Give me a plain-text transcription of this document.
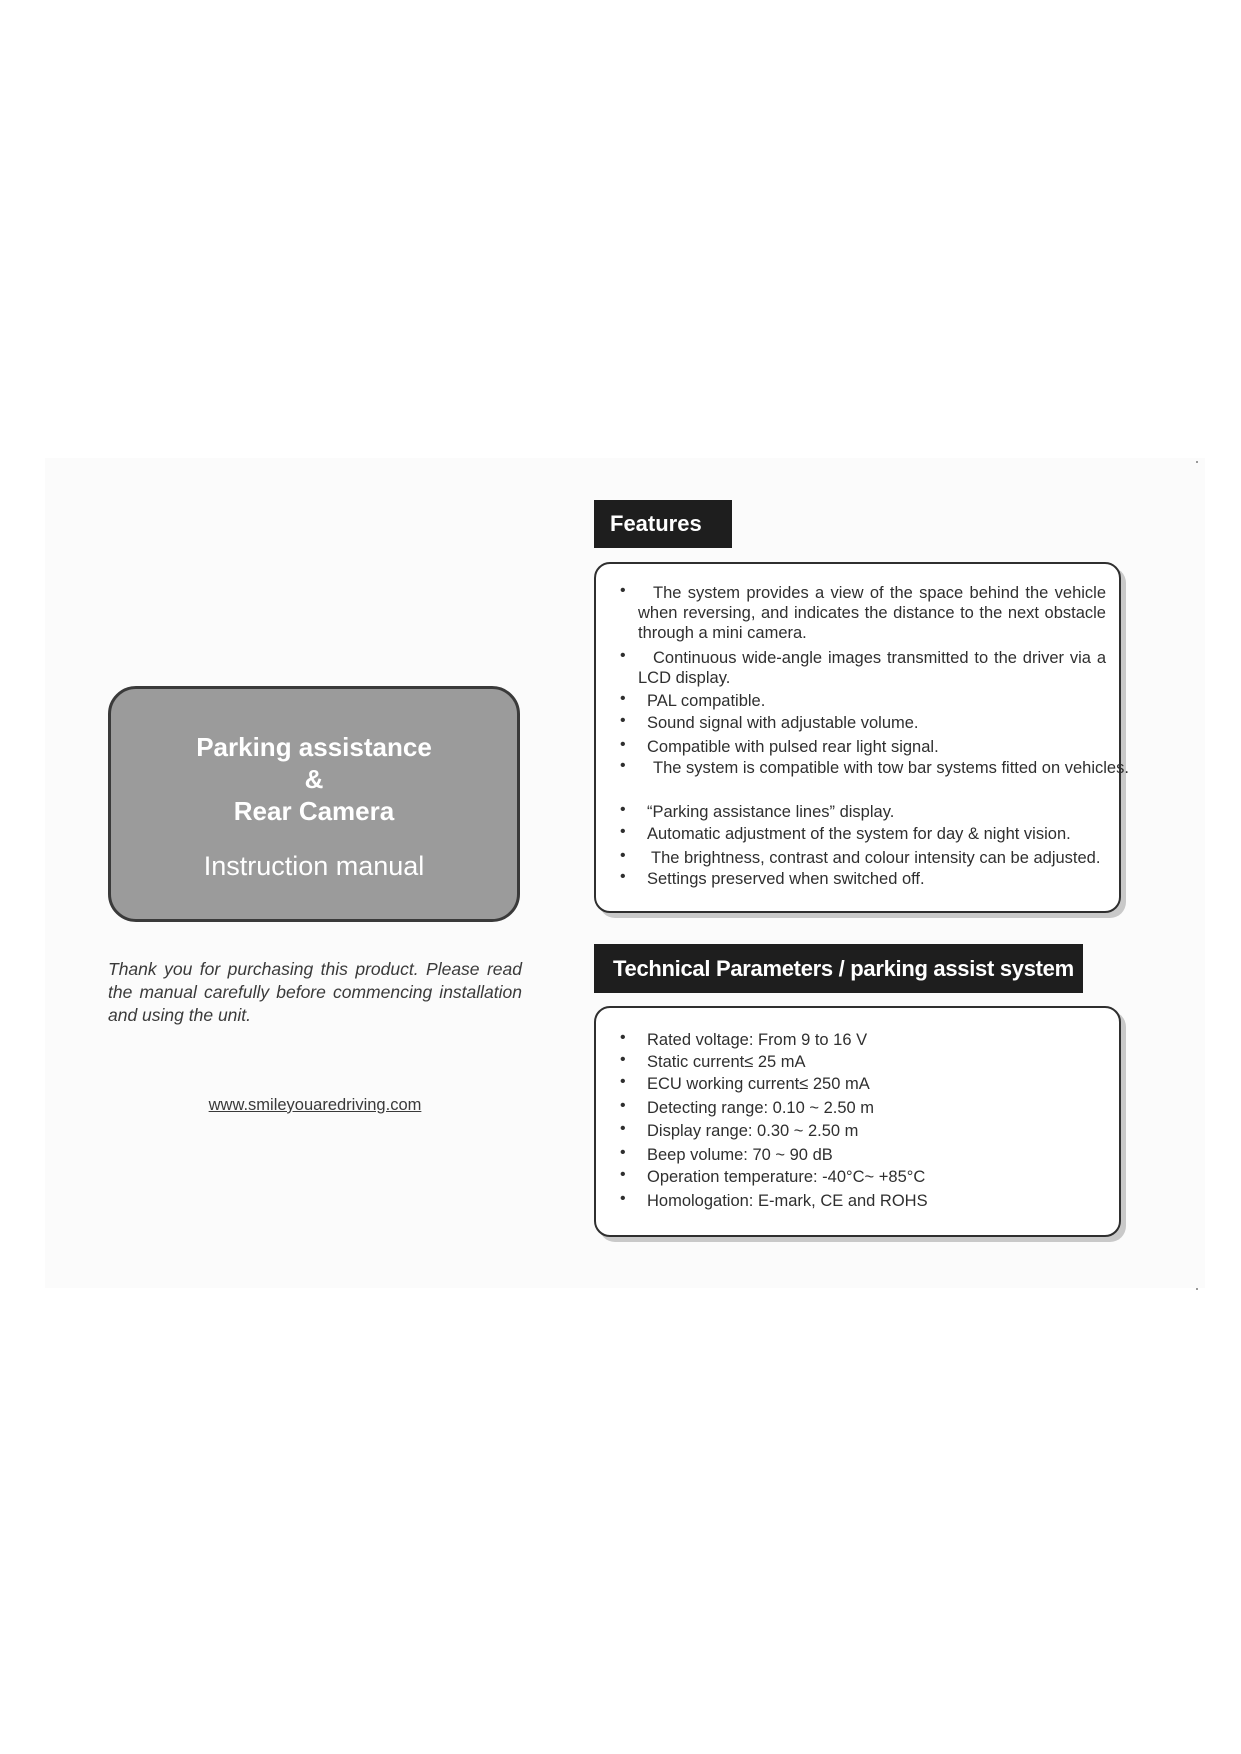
Parking assistance
&
Rear Camera
Instruction manual
Thank you for purchasing this product. Please read the manual carefully before commencing installation and using the unit.
www.smileyouaredriving.com
Features
•	The system provides a view of the space behind the vehicle when reversing, and indicates the distance to the next obstacle through a mini camera.
•	Continuous wide-angle images transmitted to the driver via a LCD display.
• PAL compatible.
• Sound signal with adjustable volume.
• Compatible with pulsed rear light signal.
•	The system is compatible with tow bar systems fitted on vehicles.
• “Parking assistance lines” display.
• Automatic adjustment of the system for day & night vision.
• The brightness, contrast and colour intensity can be adjusted.
• Settings preserved when switched off.
Technical Parameters / parking assist system
• Rated voltage: From 9 to 16 V
• Static current≤ 25 mA
• ECU working current≤ 250 mA
• Detecting range: 0.10 ~ 2.50 m
• Display range: 0.30 ~ 2.50 m
• Beep volume: 70 ~ 90 dB
• Operation temperature: -40°C~ +85°C
• Homologation: E-mark, CE and ROHS
